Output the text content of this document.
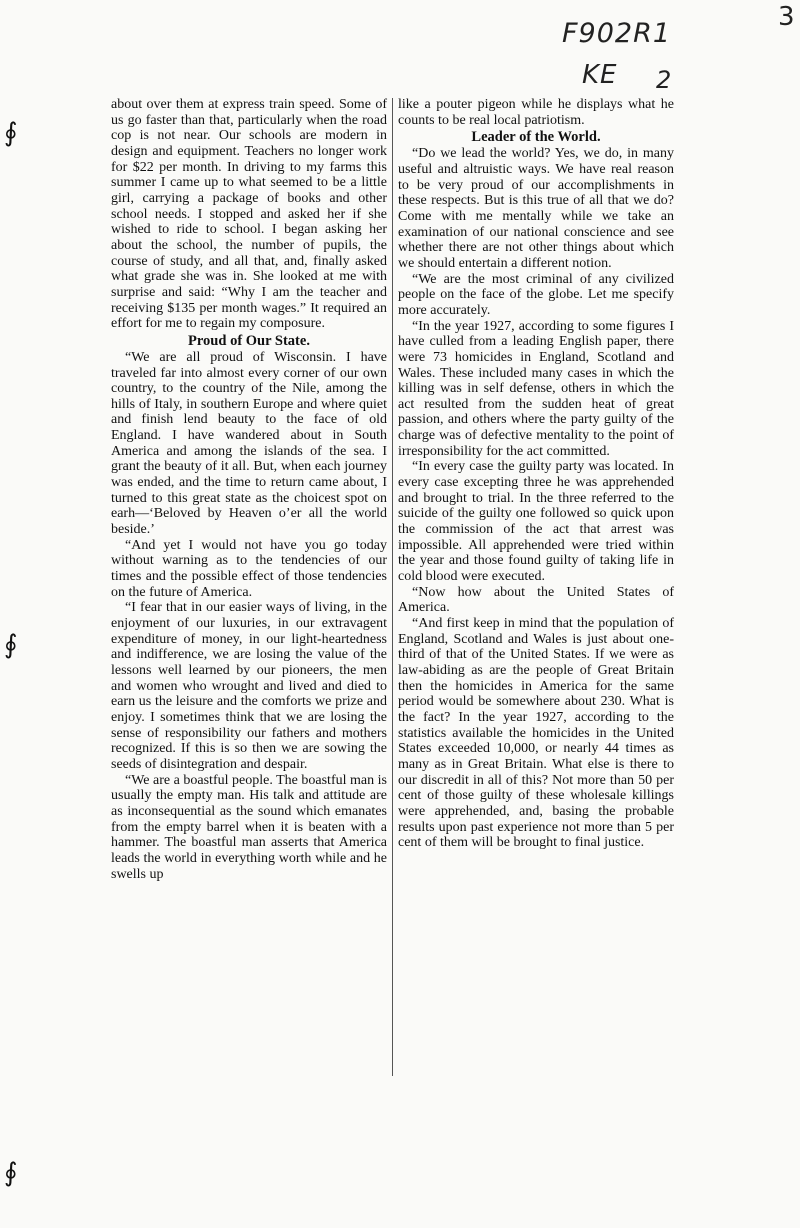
F902R1
KE 2
3
∮
∮
∮

about over them at express train speed. Some of us go faster than that, particularly when the road cop is not near. Our schools are modern in design and equipment. Teachers no longer work for $22 per month. In driving to my farms this summer I came up to what seemed to be a little girl, carrying a package of books and other school needs. I stopped and asked her if she wished to ride to school. I began asking her about the school, the number of pupils, the course of study, and all that, and, finally asked what grade she was in. She looked at me with surprise and said: “Why I am the teacher and receiving $135 per month wages.” It required an effort for me to regain my composure.

Proud of Our State.

“We are all proud of Wisconsin. I have traveled far into almost every corner of our own country, to the country of the Nile, among the hills of Italy, in southern Europe and where quiet and finish lend beauty to the face of old England. I have wandered about in South America and among the islands of the sea. I grant the beauty of it all. But, when each journey was ended, and the time to return came about, I turned to this great state as the choicest spot on earh—‘Beloved by Heaven o’er all the world beside.’

“And yet I would not have you go today without warning as to the tendencies of our times and the possible effect of those tendencies on the future of America.

“I fear that in our easier ways of living, in the enjoyment of our luxuries, in our extravagent expenditure of money, in our light-heartedness and indifference, we are losing the value of the lessons well learned by our pioneers, the men and women who wrought and lived and died to earn us the leisure and the comforts we prize and enjoy. I sometimes think that we are losing the sense of responsibility our fathers and mothers recognized. If this is so then we are sowing the seeds of disintegration and despair.

“We are a boastful people. The boastful man is usually the empty man. His talk and attitude are as inconsequential as the sound which emanates from the empty barrel when it is beaten with a hammer. The boastful man asserts that America leads the world in everything worth while and he swells up

like a pouter pigeon while he displays what he counts to be real local patriotism.

Leader of the World.

“Do we lead the world? Yes, we do, in many useful and altruistic ways. We have real reason to be very proud of our accomplishments in these respects. But is this true of all that we do? Come with me mentally while we take an examination of our national conscience and see whether there are not other things about which we should entertain a different notion.

“We are the most criminal of any civilized people on the face of the globe. Let me specify more accurately.

“In the year 1927, according to some figures I have culled from a leading English paper, there were 73 homicides in England, Scotland and Wales. These included many cases in which the killing was in self defense, others in which the act resulted from the sudden heat of great passion, and others where the party guilty of the charge was of defective mentality to the point of irresponsibility for the act committed.

“In every case the guilty party was located. In every case excepting three he was apprehended and brought to trial. In the three referred to the suicide of the guilty one followed so quick upon the commission of the act that arrest was impossible. All apprehended were tried within the year and those found guilty of taking life in cold blood were executed.

“Now how about the United States of America.

“And first keep in mind that the population of England, Scotland and Wales is just about one-third of that of the United States. If we were as law-abiding as are the people of Great Britain then the homicides in America for the same period would be somewhere about 230. What is the fact? In the year 1927, according to the statistics available the homicides in the United States exceeded 10,000, or nearly 44 times as many as in Great Britain. What else is there to our discredit in all of this? Not more than 50 per cent of those guilty of these wholesale killings were apprehended, and, basing the probable results upon past experience not more than 5 per cent of them will be brought to final justice.
